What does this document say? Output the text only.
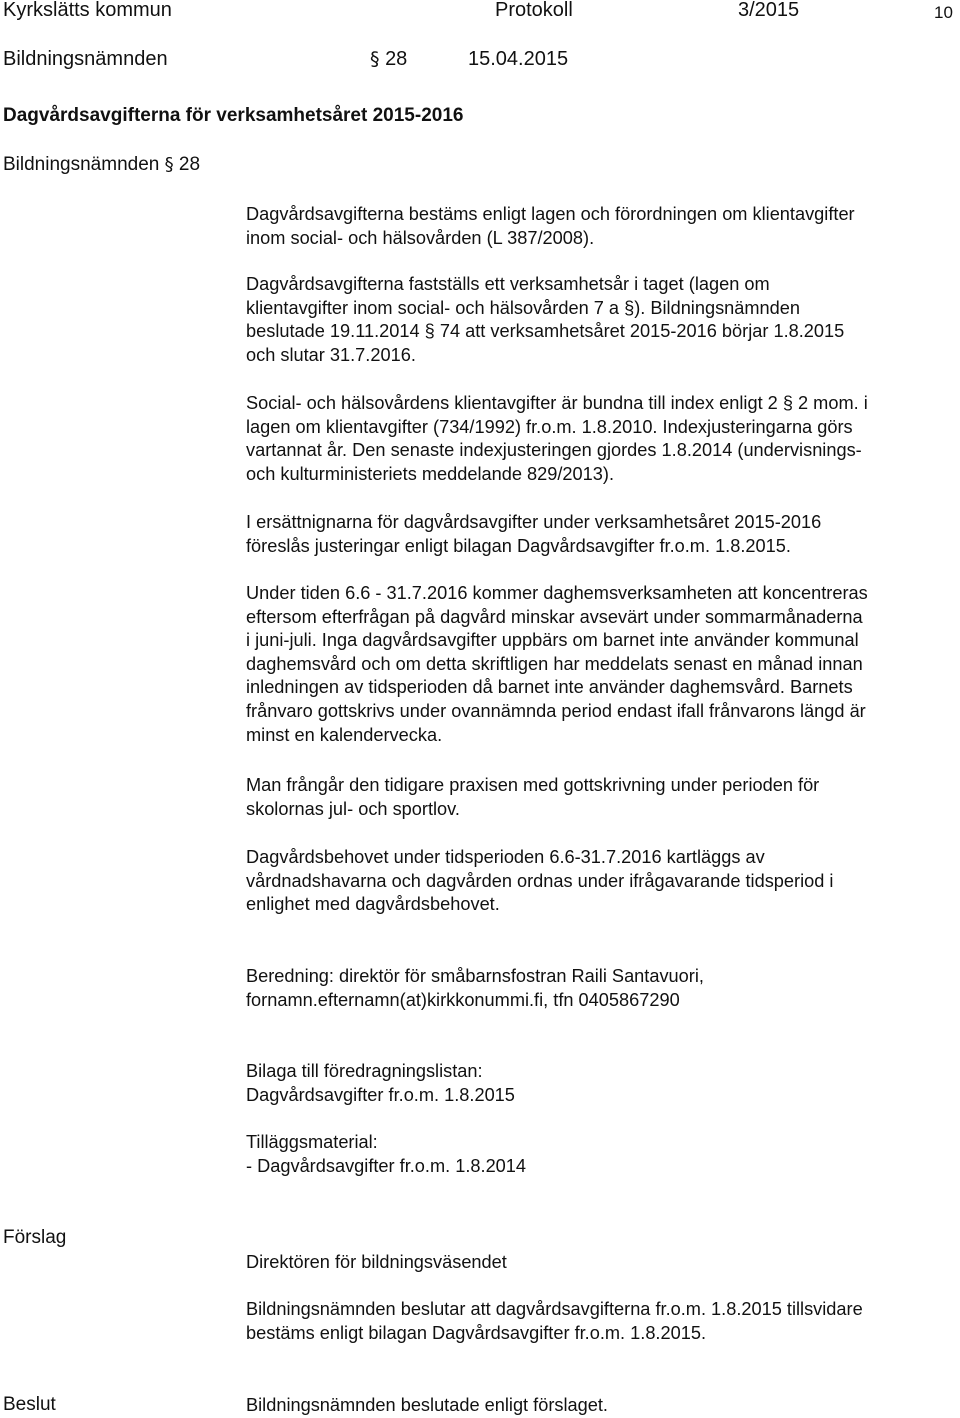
Kyrkslätts kommun	Protokoll	3/2015	10
Bildningsnämnden	§ 28	15.04.2015
Dagvårdsavgifterna för verksamhetsåret 2015-2016
Bildningsnämnden § 28

Dagvårdsavgifterna bestäms enligt lagen och förordningen om klientavgifter

inom social- och hälsovården (L 387/2008).

Dagvårdsavgifterna fastställs ett verksamhetsår i taget (lagen om

klientavgifter inom social- och hälsovården 7 a §). Bildningsnämnden

beslutade 19.11.2014 § 74 att verksamhetsåret 2015-2016 börjar 1.8.2015

och slutar 31.7.2016.

Social- och hälsovårdens klientavgifter är bundna till index enligt 2 § 2 mom. i

lagen om klientavgifter (734/1992) fr.o.m. 1.8.2010. Indexjusteringarna görs

vartannat år. Den senaste indexjusteringen gjordes 1.8.2014 (undervisnings-

och kulturministeriets meddelande 829/2013).

I ersättnignarna för dagvårdsavgifter under verksamhetsåret 2015-2016

föreslås justeringar enligt bilagan Dagvårdsavgifter fr.o.m. 1.8.2015.

Under tiden 6.6 - 31.7.2016 kommer daghemsverksamheten att koncentreras

eftersom efterfrågan på dagvård minskar avsevärt under sommarmånaderna

i juni-juli. Inga dagvårdsavgifter uppbärs om barnet inte använder kommunal

daghemsvård och om detta skriftligen har meddelats senast en månad innan

inledningen av tidsperioden då barnet inte använder daghemsvård. Barnets

frånvaro gottskrivs under ovannämnda period endast ifall frånvarons längd är

minst en kalendervecka.

Man frångår den tidigare praxisen med gottskrivning under perioden för

skolornas jul- och sportlov.

Dagvårdsbehovet under tidsperioden 6.6-31.7.2016 kartläggs av

vårdnadshavarna och dagvården ordnas under ifrågavarande tidsperiod i

enlighet med dagvårdsbehovet.

Beredning: direktör för småbarnsfostran Raili Santavuori,

fornamn.efternamn(at)kirkkonummi.fi, tfn 0405867290

Bilaga till föredragningslistan:

Dagvårdsavgifter fr.o.m. 1.8.2015

Tilläggsmaterial:

- Dagvårdsavgifter fr.o.m. 1.8.2014

Förslag

Direktören för bildningsväsendet

Bildningsnämnden beslutar att dagvårdsavgifterna fr.o.m. 1.8.2015 tillsvidare

bestäms enligt bilagan Dagvårdsavgifter fr.o.m. 1.8.2015.

Beslut	Bildningsnämnden beslutade enligt förslaget.
